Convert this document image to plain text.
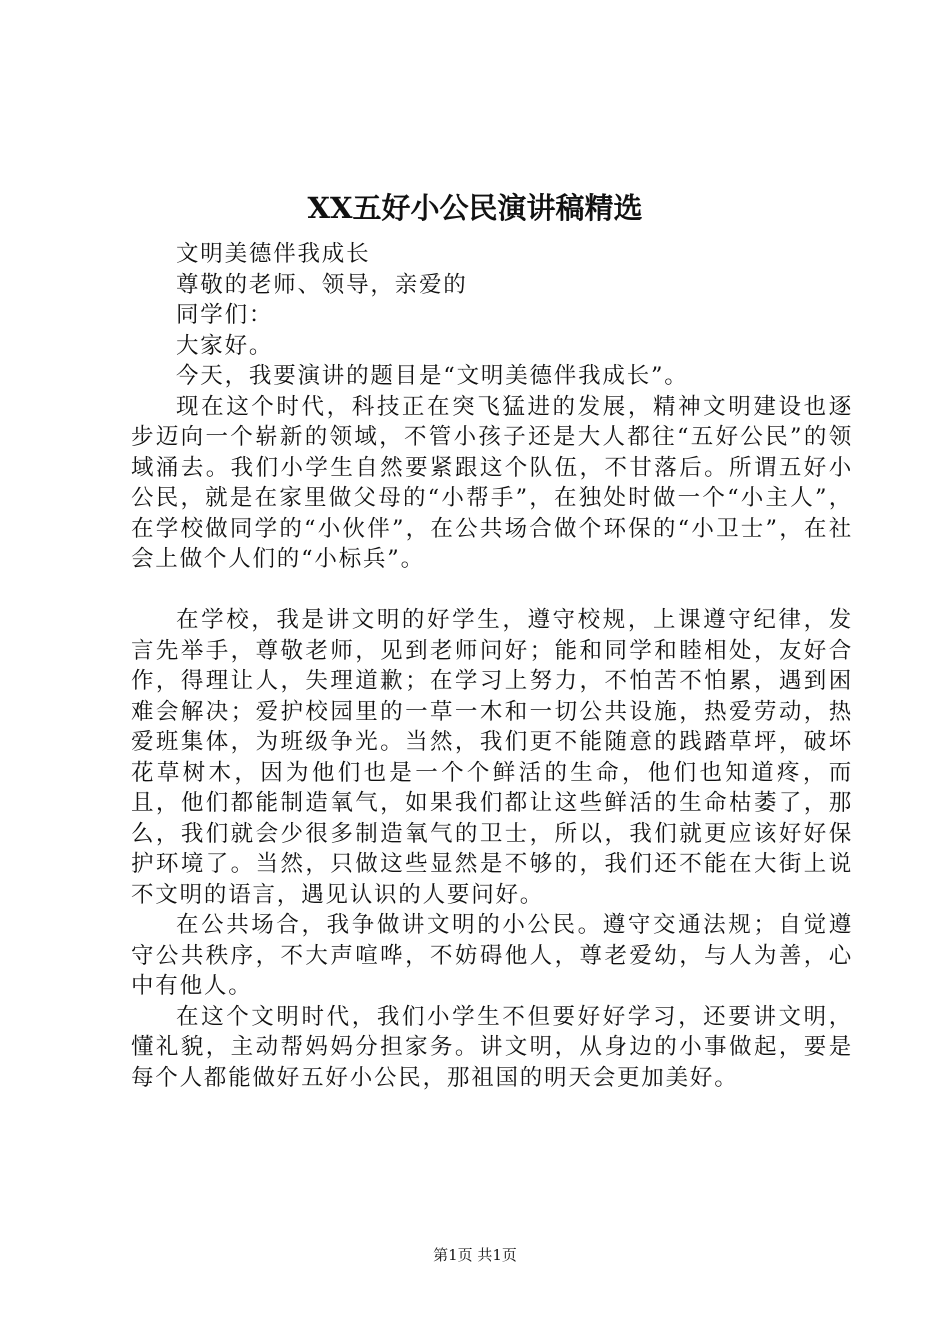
XX五好小公民演讲稿精选

文明美德伴我成长

尊敬的老师、领导，亲爱的

同学们：

大家好。

今天，我要演讲的题目是“文明美德伴我成长”。

现在这个时代，科技正在突飞猛进的发展，精神文明建设也逐步迈向一个崭新的领域，不管小孩子还是大人都往“五好公民”的领域涌去。我们小学生自然要紧跟这个队伍，不甘落后。所谓五好小公民，就是在家里做父母的“小帮手”，在独处时做一个“小主人”，在学校做同学的“小伙伴”，在公共场合做个环保的“小卫士”，在社会上做个人们的“小标兵”。

在学校，我是讲文明的好学生，遵守校规，上课遵守纪律，发言先举手，尊敬老师，见到老师问好；能和同学和睦相处，友好合作，得理让人，失理道歉；在学习上努力，不怕苦不怕累，遇到困难会解决；爱护校园里的一草一木和一切公共设施，热爱劳动，热爱班集体，为班级争光。当然，我们更不能随意的践踏草坪，破坏花草树木，因为他们也是一个个鲜活的生命，他们也知道疼，而且，他们都能制造氧气，如果我们都让这些鲜活的生命枯萎了，那么，我们就会少很多制造氧气的卫士，所以，我们就更应该好好保护环境了。当然，只做这些显然是不够的，我们还不能在大街上说不文明的语言，遇见认识的人要问好。

在公共场合，我争做讲文明的小公民。遵守交通法规；自觉遵守公共秩序，不大声喧哗，不妨碍他人，尊老爱幼，与人为善，心中有他人。

在这个文明时代，我们小学生不但要好好学习，还要讲文明，懂礼貌，主动帮妈妈分担家务。讲文明，从身边的小事做起，要是每个人都能做好五好小公民，那祖国的明天会更加美好。

第1页 共1页
